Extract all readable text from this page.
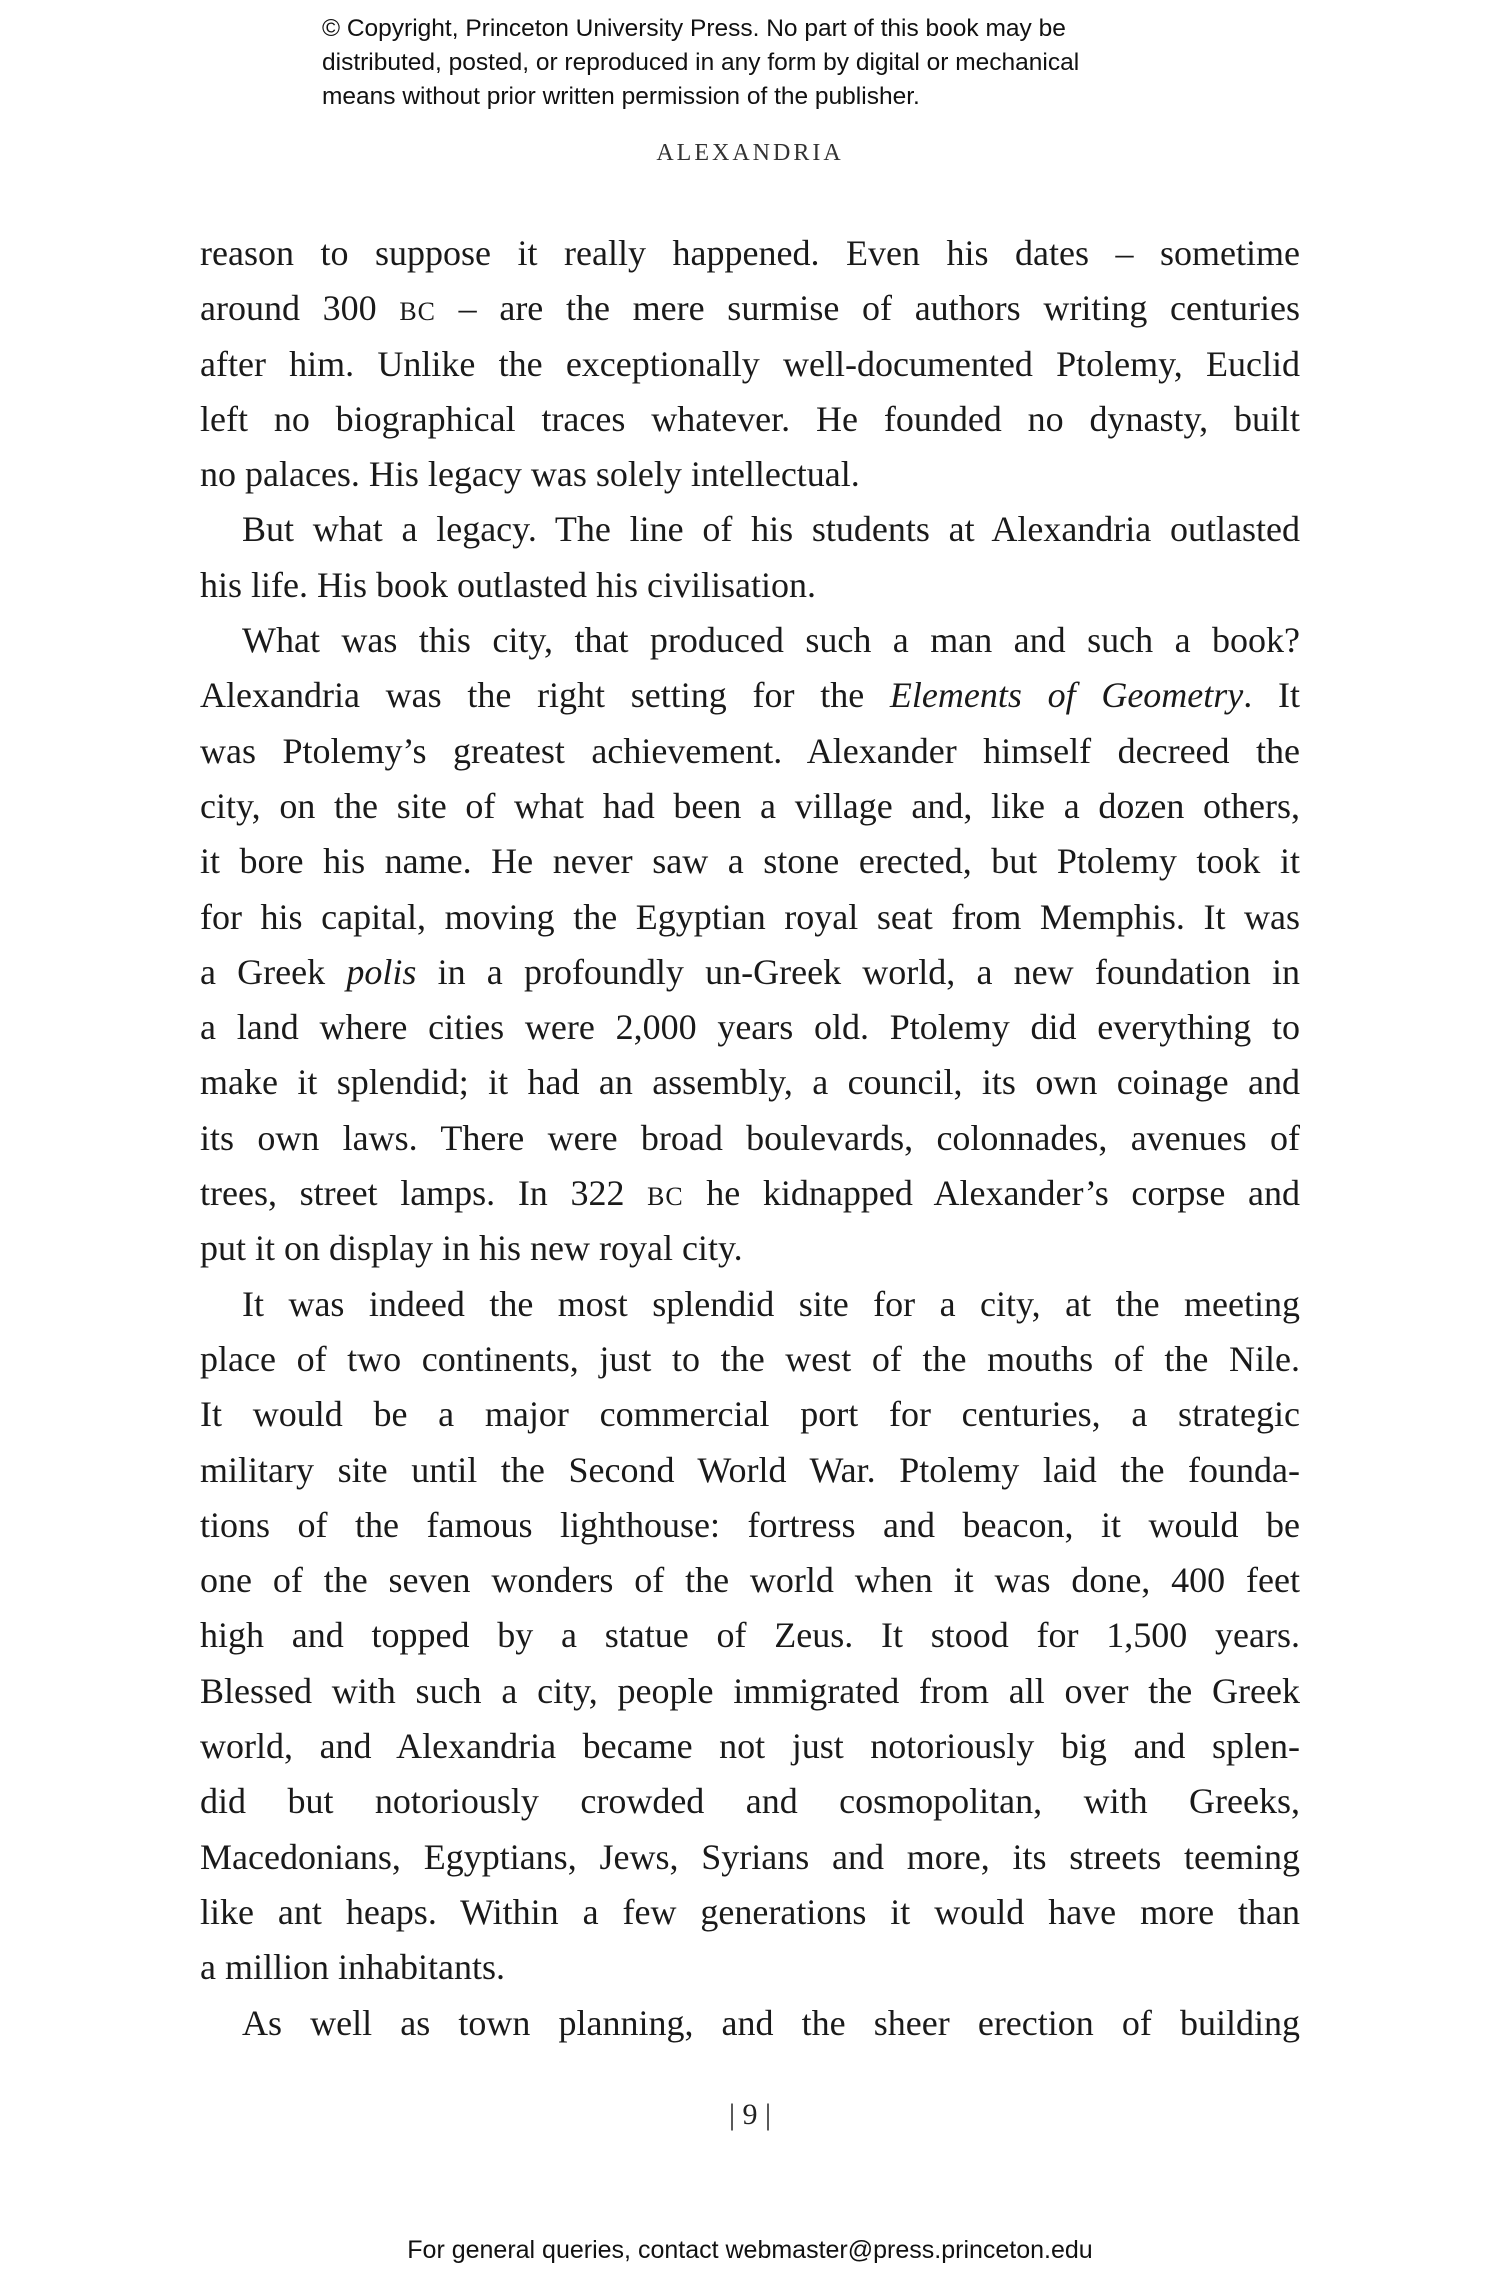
© Copyright, Princeton University Press. No part of this book may be
distributed, posted, or reproduced in any form by digital or mechanical
means without prior written permission of the publisher.
ALEXANDRIA
reason to suppose it really happened. Even his dates – sometime
around 300 BC – are the mere surmise of authors writing centuries
after him. Unlike the exceptionally well-documented Ptolemy, Euclid
left no biographical traces whatever. He founded no dynasty, built
no palaces. His legacy was solely intellectual.
But what a legacy. The line of his students at Alexandria outlasted
his life. His book outlasted his civilisation.
What was this city, that produced such a man and such a book?
Alexandria was the right setting for the Elements of Geometry. It
was Ptolemy’s greatest achievement. Alexander himself decreed the
city, on the site of what had been a village and, like a dozen others,
it bore his name. He never saw a stone erected, but Ptolemy took it
for his capital, moving the Egyptian royal seat from Memphis. It was
a Greek polis in a profoundly un-Greek world, a new foundation in
a land where cities were 2,000 years old. Ptolemy did everything to
make it splendid; it had an assembly, a council, its own coinage and
its own laws. There were broad boulevards, colonnades, avenues of
trees, street lamps. In 322 BC he kidnapped Alexander’s corpse and
put it on display in his new royal city.
It was indeed the most splendid site for a city, at the meeting
place of two continents, just to the west of the mouths of the Nile.
It would be a major commercial port for centuries, a strategic
military site until the Second World War. Ptolemy laid the founda-
tions of the famous lighthouse: fortress and beacon, it would be
one of the seven wonders of the world when it was done, 400 feet
high and topped by a statue of Zeus. It stood for 1,500 years.
Blessed with such a city, people immigrated from all over the Greek
world, and Alexandria became not just notoriously big and splen-
did but notoriously crowded and cosmopolitan, with Greeks,
Macedonians, Egyptians, Jews, Syrians and more, its streets teeming
like ant heaps. Within a few generations it would have more than
a million inhabitants.
As well as town planning, and the sheer erection of building
| 9 |
For general queries, contact webmaster@press.princeton.edu
